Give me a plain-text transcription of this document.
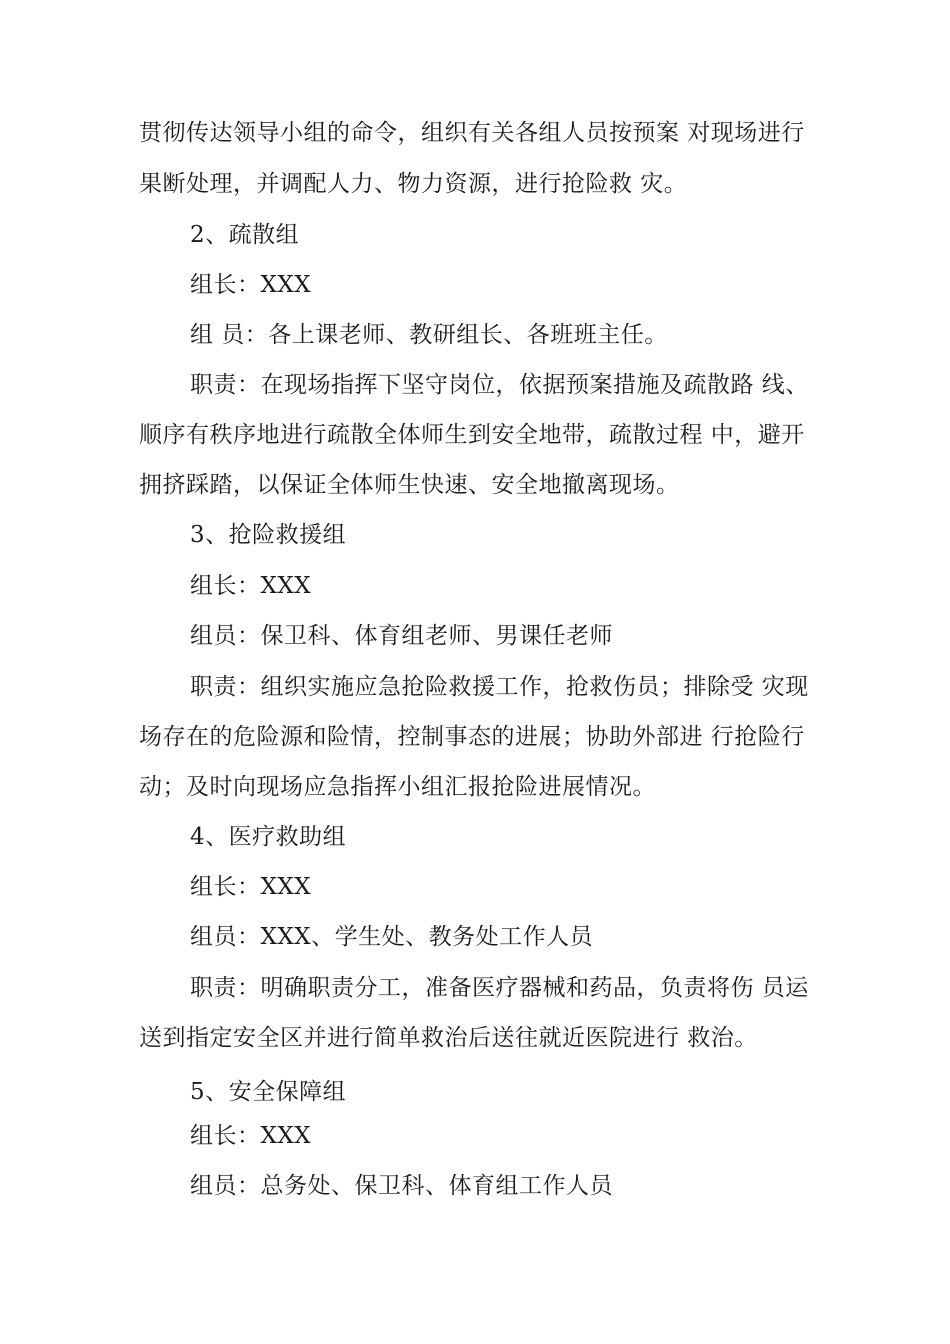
贯彻传达领导小组的命令，组织有关各组人员按预案 对现场进行

果断处理，并调配人力、物力资源，进行抢险救 灾。

2、疏散组

组长：XXX

组 员：各上课老师、教研组长、各班班主任。

职责：在现场指挥下坚守岗位，依据预案措施及疏散路 线、

顺序有秩序地进行疏散全体师生到安全地带，疏散过程 中，避开

拥挤踩踏，以保证全体师生快速、安全地撤离现场。

3、抢险救援组

组长：XXX

组员：保卫科、体育组老师、男课任老师

职责：组织实施应急抢险救援工作，抢救伤员；排除受 灾现

场存在的危险源和险情，控制事态的进展；协助外部进 行抢险行

动；及时向现场应急指挥小组汇报抢险进展情况。

4、医疗救助组

组长：XXX

组员：XXX、学生处、教务处工作人员

职责：明确职责分工，准备医疗器械和药品，负责将伤 员运

送到指定安全区并进行简单救治后送往就近医院进行 救治。

5、安全保障组

组长：XXX

组员：总务处、保卫科、体育组工作人员
